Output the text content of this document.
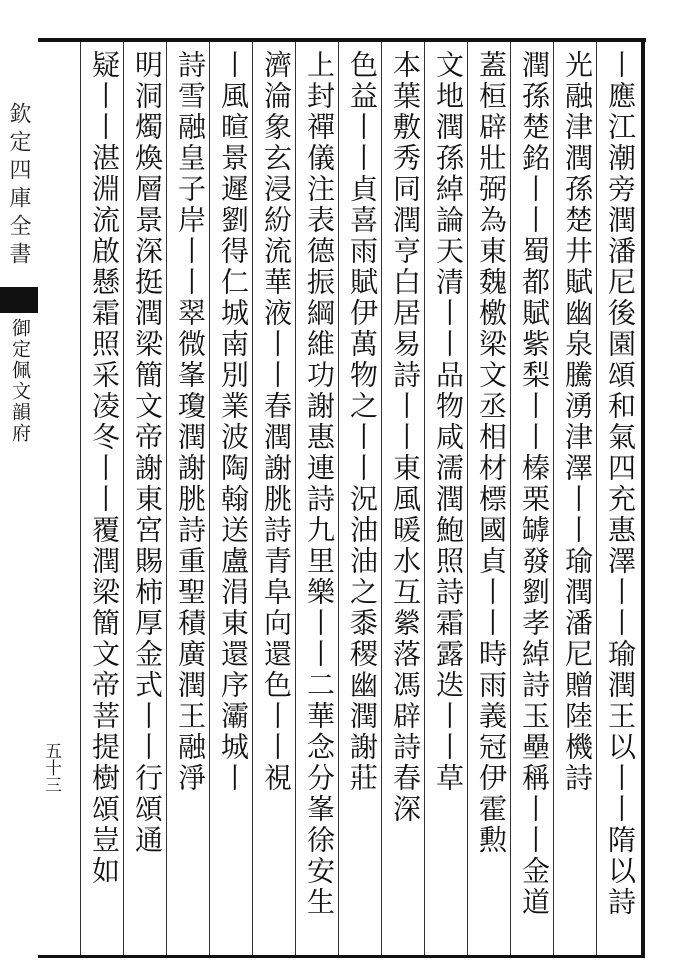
丨應江潮旁潤潘尼後園頌和氣四充惠澤丨丨瑜潤王以丨丨隋以詩
光融津潤孫楚井賦幽泉騰湧津澤丨丨瑜潤潘尼贈陸機詩
潤孫楚銘丨丨蜀都賦紫梨丨丨榛栗罅發劉孝綽詩玉壘稱丨丨金道
蓋桓辟壯弼為東魏檄梁文丞相材標國貞丨丨時雨義冠伊霍勲
文地潤孫綽論天清丨丨品物咸濡潤鮑照詩霜露迭丨丨草
本葉敷秀同潤亨白居易詩丨丨東風暖水互縈落馮辟詩春深
色益丨丨貞喜雨賦伊萬物之丨丨況油油之黍稷幽潤謝莊
上封禪儀注表德振綱維功謝惠連詩九里樂丨丨二華念分峯徐安生
濟淪象玄浸紛流華液丨丨春潤謝朓詩青阜向還色丨丨視
丨風暄景遲劉得仁城南別業波陶翰送盧涓東還序灞城丨
詩雪融皇子岸丨丨翠微峯瓊潤謝朓詩重聖積廣潤王融淨
明洞燭煥層景深挺潤梁簡文帝謝東宮賜柿厚金式丨丨行頌通
疑丨丨湛淵流啟懸霜照采凌冬丨丨覆潤梁簡文帝菩提樹頌豈如
欽定四庫全書
御定佩文韻府
五十三
